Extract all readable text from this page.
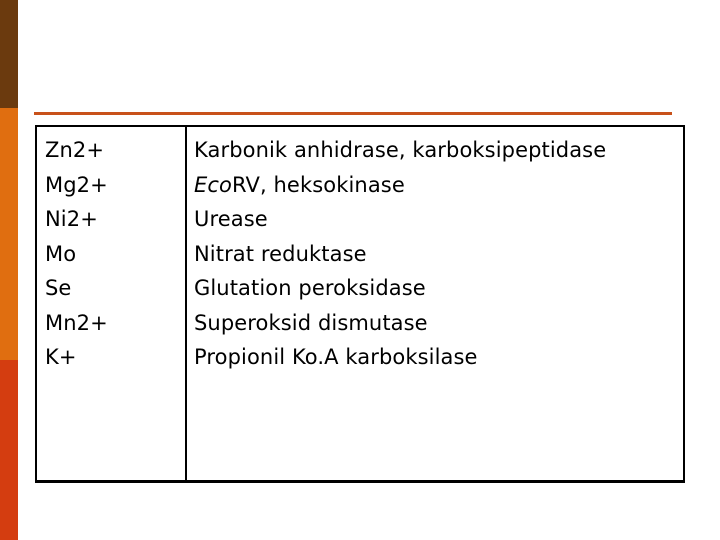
Zn2+
Mg2+
Ni2+
Mo
Se
Mn2+
K+
Karbonik anhidrase, karboksipeptidase
EcoRV, heksokinase
Urease
Nitrat reduktase
Glutation peroksidase
Superoksid dismutase
Propionil Ko.A karboksilase
